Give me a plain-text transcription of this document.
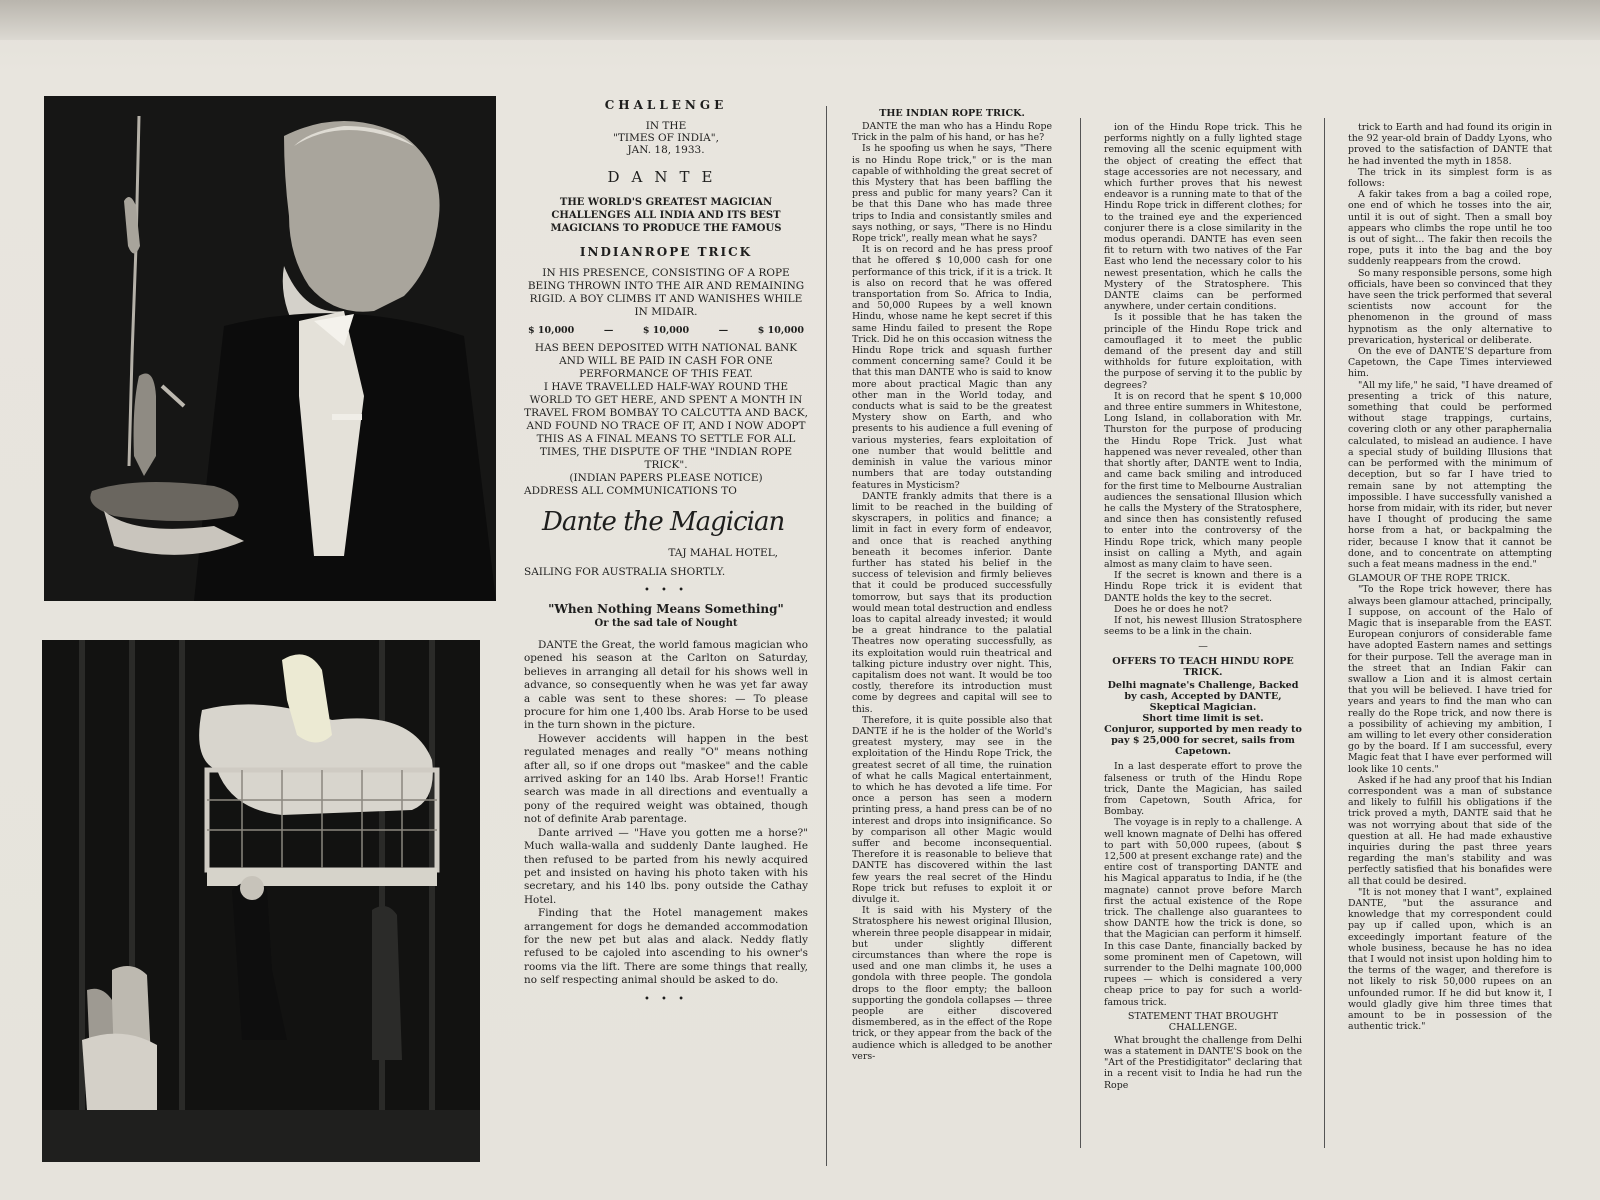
CHALLENGE

IN THE

"TIMES OF INDIA",

JAN. 18, 1933.

DANTE

THE WORLD'S GREATEST MAGICIAN CHALLENGES ALL INDIA AND ITS BEST MAGICIANS TO PRODUCE THE FAMOUS

INDIANROPE TRICK

IN HIS PRESENCE, CONSISTING OF A ROPE BEING THROWN INTO THE AIR AND REMAINING RIGID. A BOY CLIMBS IT AND WANISHES WHILE IN MIDAIR.

$ 10,000	—	$ 10,000	—	$ 10,000

HAS BEEN DEPOSITED WITH NATIONAL BANK AND WILL BE PAID IN CASH FOR ONE PERFORMANCE OF THIS FEAT.

I HAVE TRAVELLED HALF-WAY ROUND THE WORLD TO GET HERE, AND SPENT A MONTH IN TRAVEL FROM BOMBAY TO CALCUTTA AND BACK, AND FOUND NO TRACE OF IT, AND I NOW ADOPT THIS AS A FINAL MEANS TO SETTLE FOR ALL TIMES, THE DISPUTE OF THE "INDIAN ROPE TRICK".

(INDIAN PAPERS PLEASE NOTICE)

ADDRESS ALL COMMUNICATIONS TO

Dante the Magician

TAJ MAHAL HOTEL,

SAILING FOR AUSTRALIA SHORTLY.

• • •
"When Nothing Means Something"
Or the sad tale of Nought

DANTE the Great, the world famous magician who opened his season at the Carlton on Saturday, believes in arranging all detail for his shows well in advance, so consequently when he was yet far away a cable was sent to these shores: — To please procure for him one 1,400 lbs. Arab Horse to be used in the turn shown in the picture.

However accidents will happen in the best regulated menages and really "O" means nothing after all, so if one drops out "maskee" and the cable arrived asking for an 140 lbs. Arab Horse!! Frantic search was made in all directions and eventually a pony of the required weight was obtained, though not of definite Arab parentage.

Dante arrived — "Have you gotten me a horse?" Much walla-walla and suddenly Dante laughed. He then refused to be parted from his newly acquired pet and insisted on having his photo taken with his secretary, and his 140 lbs. pony outside the Cathay Hotel.

Finding that the Hotel management makes arrangement for dogs he demanded accommodation for the new pet but alas and alack. Neddy flatly refused to be cajoled into ascending to his owner's rooms via the lift. There are some things that really, no self respecting animal should be asked to do.

• • •

THE INDIAN ROPE TRICK.

DANTE the man who has a Hindu Rope Trick in the palm of his hand, or has he?

Is he spoofing us when he says, "There is no Hindu Rope trick," or is the man capable of withholding the great secret of this Mystery that has been baffling the press and public for many years? Can it be that this Dane who has made three trips to India and consistantly smiles and says nothing, or says, "There is no Hindu Rope trick", really mean what he says?

It is on record and he has press proof that he offered $ 10,000 cash for one performance of this trick, if it is a trick. It is also on record that he was offered transportation from So. Africa to India, and 50,000 Rupees by a well known Hindu, whose name he kept secret if this same Hindu failed to present the Rope Trick. Did he on this occasion witness the Hindu Rope trick and squash further comment concerning same? Could it be that this man DANTE who is said to know more about practical Magic than any other man in the World today, and conducts what is said to be the greatest Mystery show on Earth, and who presents to his audience a full evening of various mysteries, fears exploitation of one number that would belittle and deminish in value the various minor numbers that are today outstanding features in Mysticism?

DANTE frankly admits that there is a limit to be reached in the building of skyscrapers, in politics and finance; a limit in fact in every form of endeavor, and once that is reached anything beneath it becomes inferior. Dante further has stated his belief in the success of television and firmly believes that it could be produced successfully tomorrow, but says that its production would mean total destruction and endless loas to capital already invested; it would be a great hindrance to the palatial Theatres now operating successfully, as its exploitation would ruin theatrical and talking picture industry over night. This, capitalism does not want. It would be too costly, therefore its introduction must come by degrees and capital will see to this.

Therefore, it is quite possible also that DANTE if he is the holder of the World's greatest mystery, may see in the exploitation of the Hindu Rope Trick, the greatest secret of all time, the ruination of what he calls Magical entertainment, to which he has devoted a life time. For once a person has seen a modern printing press, a hand press can be of no interest and drops into insignificance. So by comparison all other Magic would suffer and become inconsequential. Therefore it is reasonable to believe that DANTE has discovered within the last few years the real secret of the Hindu Rope trick but refuses to exploit it or divulge it.

It is said with his Mystery of the Stratosphere his newest original Illusion, wherein three people disappear in midair, but under slightly different circumstances than where the rope is used and one man climbs it, he uses a gondola with three people. The gondola drops to the floor empty; the balloon supporting the gondola collapses — three people are either discovered dismembered, as in the effect of the Rope trick, or they appear from the back of the audience which is alledged to be another vers-

ion of the Hindu Rope trick. This he performs nightly on a fully lighted stage removing all the scenic equipment with the object of creating the effect that stage accessories are not necessary, and which further proves that his newest endeavor is a running mate to that of the Hindu Rope trick in different clothes; for to the trained eye and the experienced conjurer there is a close similarity in the modus operandi. DANTE has even seen fit to return with two natives of the Far East who lend the necessary color to his newest presentation, which he calls the Mystery of the Stratosphere. This DANTE claims can be performed anywhere, under certain conditions.

Is it possible that he has taken the principle of the Hindu Rope trick and camouflaged it to meet the public demand of the present day and still withholds for future exploitation, with the purpose of serving it to the public by degrees?

It is on record that he spent $ 10,000 and three entire summers in Whitestone, Long Island, in collaboration with Mr. Thurston for the purpose of producing the Hindu Rope Trick. Just what happened was never revealed, other than that shortly after, DANTE went to India, and came back smiling and introduced for the first time to Melbourne Australian audiences the sensational Illusion which he calls the Mystery of the Stratosphere, and since then has consistently refused to enter into the controversy of the Hindu Rope trick, which many people insist on calling a Myth, and again almost as many claim to have seen.

If the secret is known and there is a Hindu Rope trick it is evident that DANTE holds the key to the secret.

Does he or does he not?

If not, his newest Illusion Stratosphere seems to be a link in the chain.

—

OFFERS TO TEACH HINDU ROPE TRICK.

Delhi magnate's Challenge, Backed by cash, Accepted by DANTE, Skeptical Magician.

Short time limit is set.

Conjuror, supported by men ready to pay $ 25,000 for secret, sails from Capetown.

In a last desperate effort to prove the falseness or truth of the Hindu Rope trick, Dante the Magician, has sailed from Capetown, South Africa, for Bombay.

The voyage is in reply to a challenge. A well known magnate of Delhi has offered to part with 50,000 rupees, (about $ 12,500 at present exchange rate) and the entire cost of transporting DANTE and his Magical apparatus to India, if he (the magnate) cannot prove before March first the actual existence of the Rope trick. The challenge also guarantees to show DANTE how the trick is done, so that the Magician can perform it himself. In this case Dante, financially backed by some prominent men of Capetown, will surrender to the Delhi magnate 100,000 rupees — which is considered a very cheap price to pay for such a world-famous trick.

STATEMENT THAT BROUGHT CHALLENGE.

What brought the challenge from Delhi was a statement in DANTE'S book on the "Art of the Prestidigitator" declaring that in a recent visit to India he had run the Rope

trick to Earth and had found its origin in the 92 year-old brain of Daddy Lyons, who proved to the satisfaction of DANTE that he had invented the myth in 1858.

The trick in its simplest form is as follows:

A fakir takes from a bag a coiled rope, one end of which he tosses into the air, until it is out of sight. Then a small boy appears who climbs the rope until he too is out of sight... The fakir then recoils the rope, puts it into the bag and the boy suddenly reappears from the crowd.

So many responsible persons, some high officials, have been so convinced that they have seen the trick performed that several scientists now account for the phenomenon in the ground of mass hypnotism as the only alternative to prevarication, hysterical or deliberate.

On the eve of DANTE'S departure from Capetown, the Cape Times interviewed him.

"All my life," he said, "I have dreamed of presenting a trick of this nature, something that could be performed without stage trappings, curtains, covering cloth or any other paraphernalia calculated, to mislead an audience. I have a special study of building Illusions that can be performed with the minimum of deception, but so far I have tried to remain sane by not attempting the impossible. I have successfully vanished a horse from midair, with its rider, but never have I thought of producing the same horse from a hat, or backpalming the rider, because I know that it cannot be done, and to concentrate on attempting such a feat means madness in the end."

GLAMOUR OF THE ROPE TRICK.

"To the Rope trick however, there has always been glamour attached, principally, I suppose, on account of the Halo of Magic that is inseparable from the EAST. European conjurors of considerable fame have adopted Eastern names and settings for their purpose. Tell the average man in the street that an Indian Fakir can swallow a Lion and it is almost certain that you will be believed. I have tried for years and years to find the man who can really do the Rope trick, and now there is a possibility of achieving my ambition, I am willing to let every other consideration go by the board. If I am successful, every Magic feat that I have ever performed will look like 10 cents."

Asked if he had any proof that his Indian correspondent was a man of substance and likely to fulfill his obligations if the trick proved a myth, DANTE said that he was not worrying about that side of the question at all. He had made exhaustive inquiries during the past three years regarding the man's stability and was perfectly satisfied that his bonafides were all that could be desired.

"It is not money that I want", explained DANTE, "but the assurance and knowledge that my correspondent could pay up if called upon, which is an exceedingly important feature of the whole business, because he has no idea that I would not insist upon holding him to the terms of the wager, and therefore is not likely to risk 50,000 rupees on an unfounded rumor. If he did but know it, I would gladly give him three times that amount to be in possession of the authentic trick."
